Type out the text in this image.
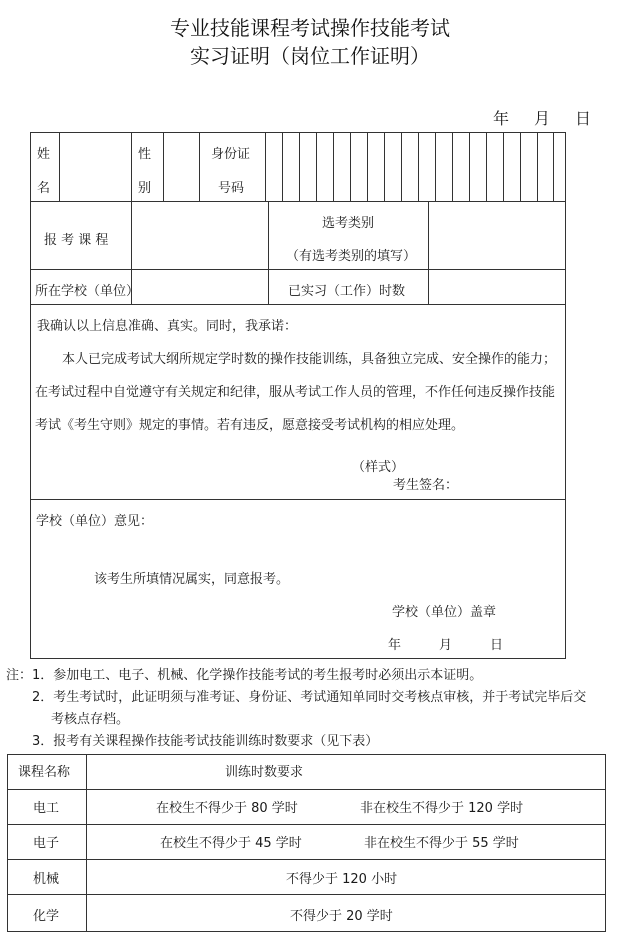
专业技能课程考试操作技能考试
实习证明（岗位工作证明）
年 月 日
姓
名
性
别
身份证
号码
报 考 课 程
选考类别
（有选考类别的填写）
所在学校（单位）	已实习（工作）时数
我确认以上信息准确、真实。同时，我承诺：
本人已完成考试大纲所规定学时数的操作技能训练，具备独立完成、安全操作的能力；
在考试过程中自觉遵守有关规定和纪律，服从考试工作人员的管理，不作任何违反操作技能
考试《考生守则》规定的事情。若有违反，愿意接受考试机构的相应处理。
（样式）
考生签名：
学校（单位）意见：
该考生所填情况属实，同意报考。
学校（单位）盖章
年	月	日
注： 1．参加电工、电子、机械、化学操作技能考试的考生报考时必须出示本证明。
2．考生考试时，此证明须与准考证、身份证、考试通知单同时交考核点审核，并于考试完毕后交
考核点存档。
3．报考有关课程操作技能考试技能训练时数要求（见下表）
课程名称	训练时数要求
电工	在校生不得少于 80 学时	非在校生不得少于 120 学时
电子	在校生不得少于 45 学时	非在校生不得少于 55 学时
机械	不得少于 120 小时
化学	不得少于 20 学时
